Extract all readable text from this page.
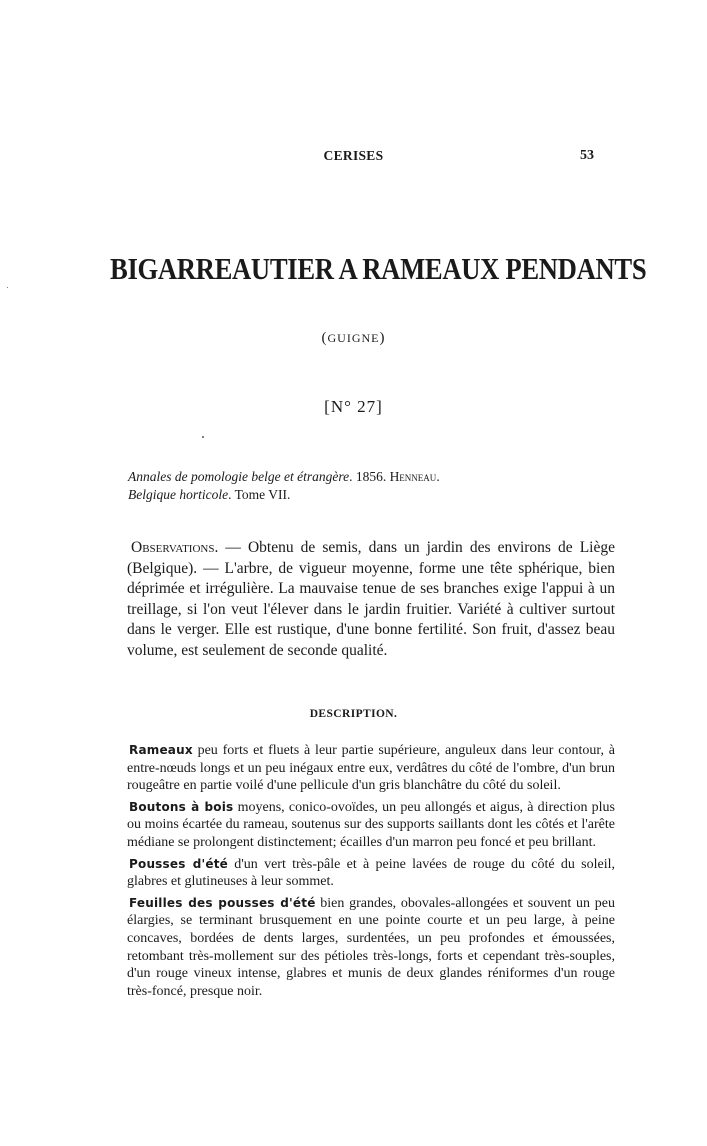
CERISES	53
BIGARREAUTIER A RAMEAUX PENDANTS
(GUIGNE)
[N° 27]
Annales de pomologie belge et étrangère. 1856. Henneau.
Belgique horticole. Tome VII.

Observations. — Obtenu de semis, dans un jardin des environs de Liège (Belgique). — L'arbre, de vigueur moyenne, forme une tête sphérique, bien déprimée et irrégulière. La mauvaise tenue de ses branches exige l'appui à un treillage, si l'on veut l'élever dans le jardin fruitier. Variété à cultiver surtout dans le verger. Elle est rustique, d'une bonne fertilité. Son fruit, d'assez beau volume, est seulement de seconde qualité.

DESCRIPTION.

Rameaux peu forts et fluets à leur partie supérieure, anguleux dans leur contour, à entre-nœuds longs et un peu inégaux entre eux, verdâtres du côté de l'ombre, d'un brun rougeâtre en partie voilé d'une pellicule d'un gris blanchâtre du côté du soleil.

Boutons à bois moyens, conico-ovoïdes, un peu allongés et aigus, à direction plus ou moins écartée du rameau, soutenus sur des supports saillants dont les côtés et l'arête médiane se prolongent distinctement; écailles d'un marron peu foncé et peu brillant.

Pousses d'été d'un vert très-pâle et à peine lavées de rouge du côté du soleil, glabres et glutineuses à leur sommet.

Feuilles des pousses d'été bien grandes, obovales-allongées et souvent un peu élargies, se terminant brusquement en une pointe courte et un peu large, à peine concaves, bordées de dents larges, surdentées, un peu profondes et émoussées, retombant très-mollement sur des pétioles très-longs, forts et cependant très-souples, d'un rouge vineux intense, glabres et munis de deux glandes réniformes d'un rouge très-foncé, presque noir.
